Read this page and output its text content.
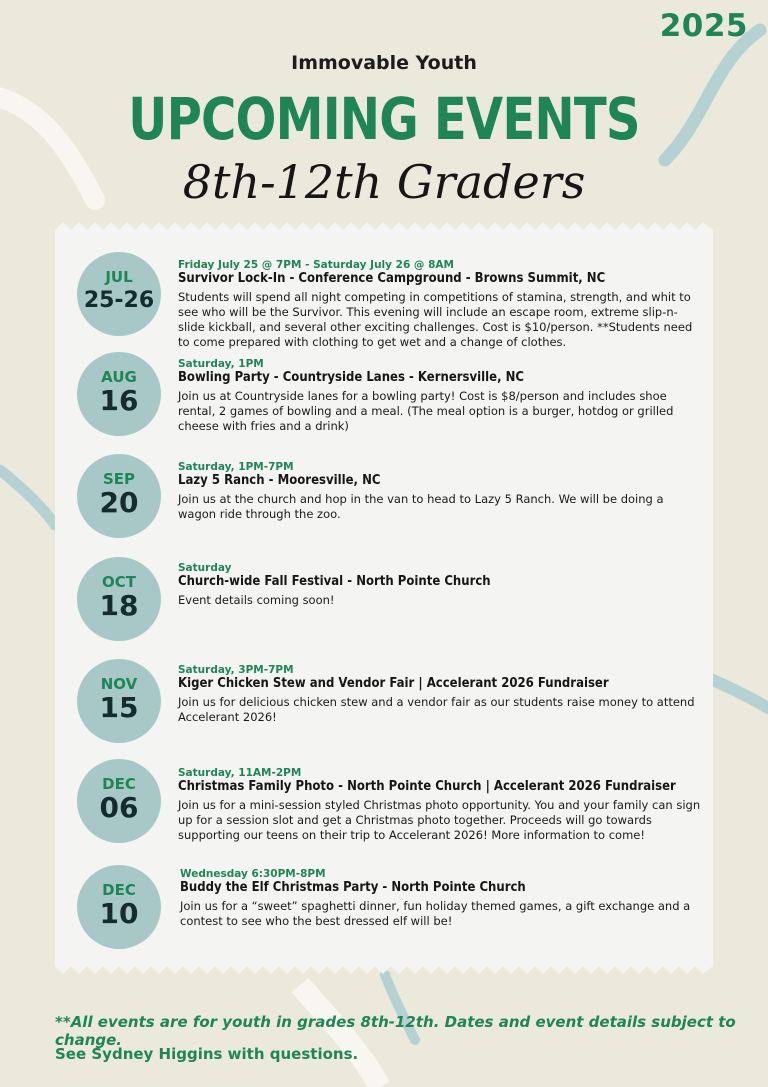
2025
Immovable Youth
UPCOMING EVENTS
8th-12th Graders
JUL
25-26
Friday July 25 @ 7PM - Saturday July 26 @ 8AM
Survivor Lock-In - Conference Campground - Browns Summit, NC
Students will spend all night competing in competitions of stamina, strength, and whit to see who will be the Survivor. This evening will include an escape room, extreme slip-n-slide kickball, and several other exciting challenges. Cost is $10/person. **Students need to come prepared with clothing to get wet and a change of clothes.
AUG
16
Saturday, 1PM
Bowling Party - Countryside Lanes - Kernersville, NC
Join us at Countryside lanes for a bowling party! Cost is $8/person and includes shoe rental, 2 games of bowling and a meal. (The meal option is a burger, hotdog or grilled cheese with fries and a drink)
SEP
20
Saturday, 1PM-7PM
Lazy 5 Ranch - Mooresville, NC
Join us at the church and hop in the van to head to Lazy 5 Ranch. We will be doing a wagon ride through the zoo.
OCT
18
Saturday
Church-wide Fall Festival - North Pointe Church
Event details coming soon!
NOV
15
Saturday, 3PM-7PM
Kiger Chicken Stew and Vendor Fair | Accelerant 2026 Fundraiser
Join us for delicious chicken stew and a vendor fair as our students raise money to attend Accelerant 2026!
DEC
06
Saturday, 11AM-2PM
Christmas Family Photo - North Pointe Church | Accelerant 2026 Fundraiser
Join us for a mini-session styled Christmas photo opportunity. You and your family can sign up for a session slot and get a Christmas photo together. Proceeds will go towards supporting our teens on their trip to Accelerant 2026! More information to come!
DEC
10
Wednesday 6:30PM-8PM
Buddy the Elf Christmas Party - North Pointe Church
Join us for a “sweet” spaghetti dinner, fun holiday themed games, a gift exchange and a contest to see who the best dressed elf will be!
**All events are for youth in grades 8th-12th. Dates and event details subject to change.
See Sydney Higgins with questions.
